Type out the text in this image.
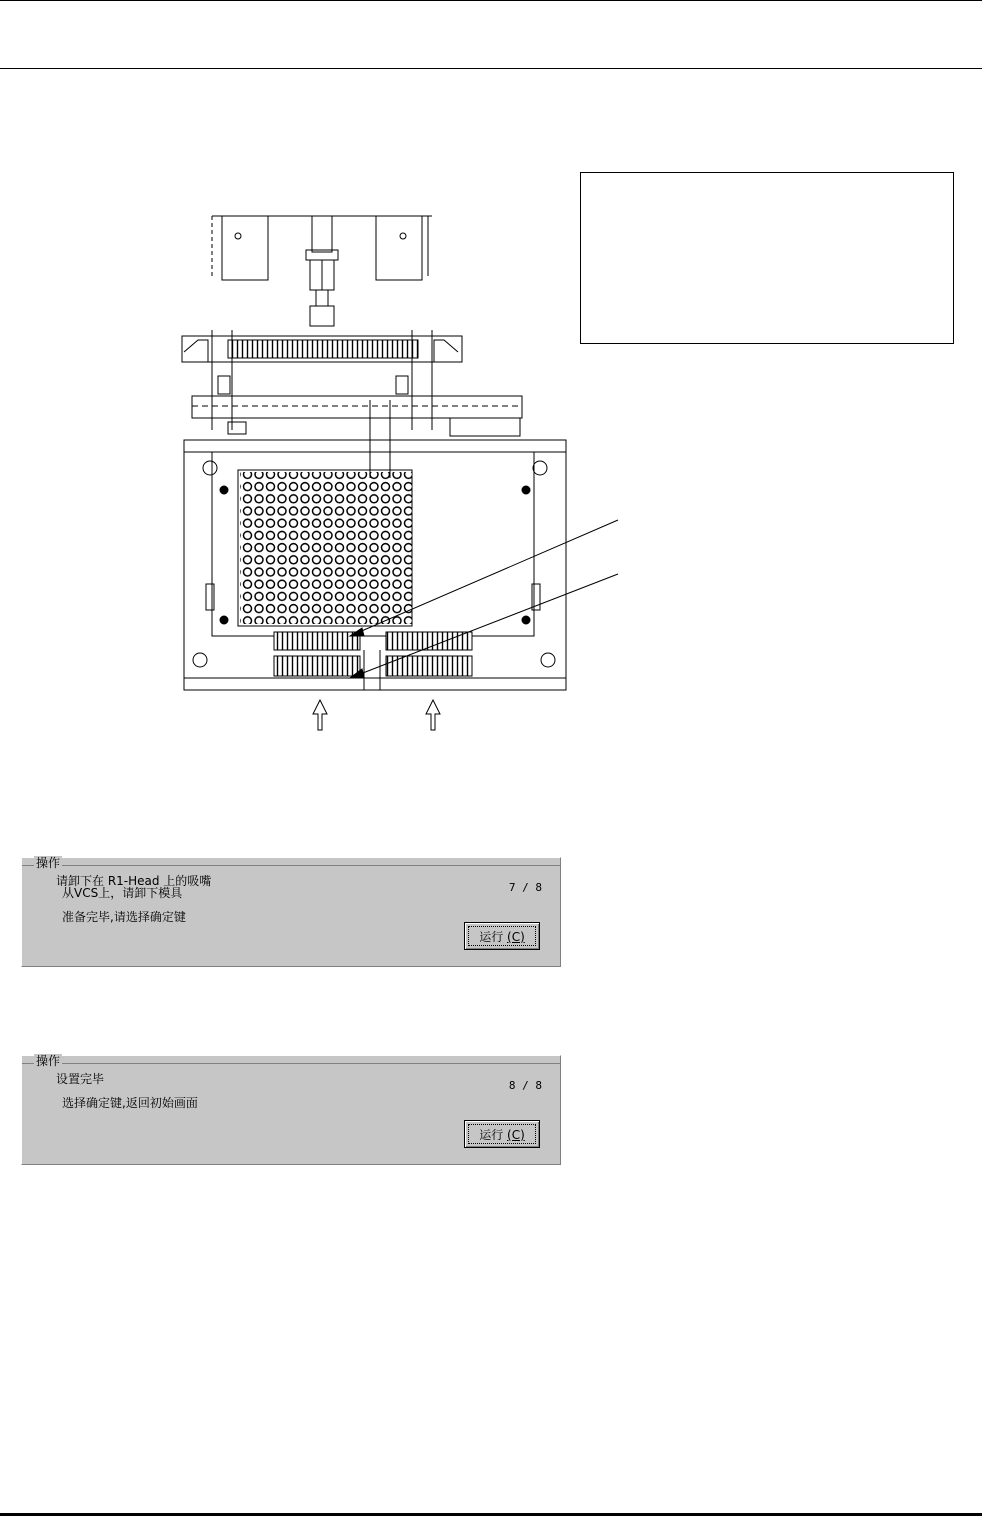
操作
请卸下在 R1-Head 上的吸嘴
从VCS上，请卸下模具
准备完毕,请选择确定键
7 / 8
运行 (C)
操作
设置完毕
选择确定键,返回初始画面
8 / 8
运行 (C)
